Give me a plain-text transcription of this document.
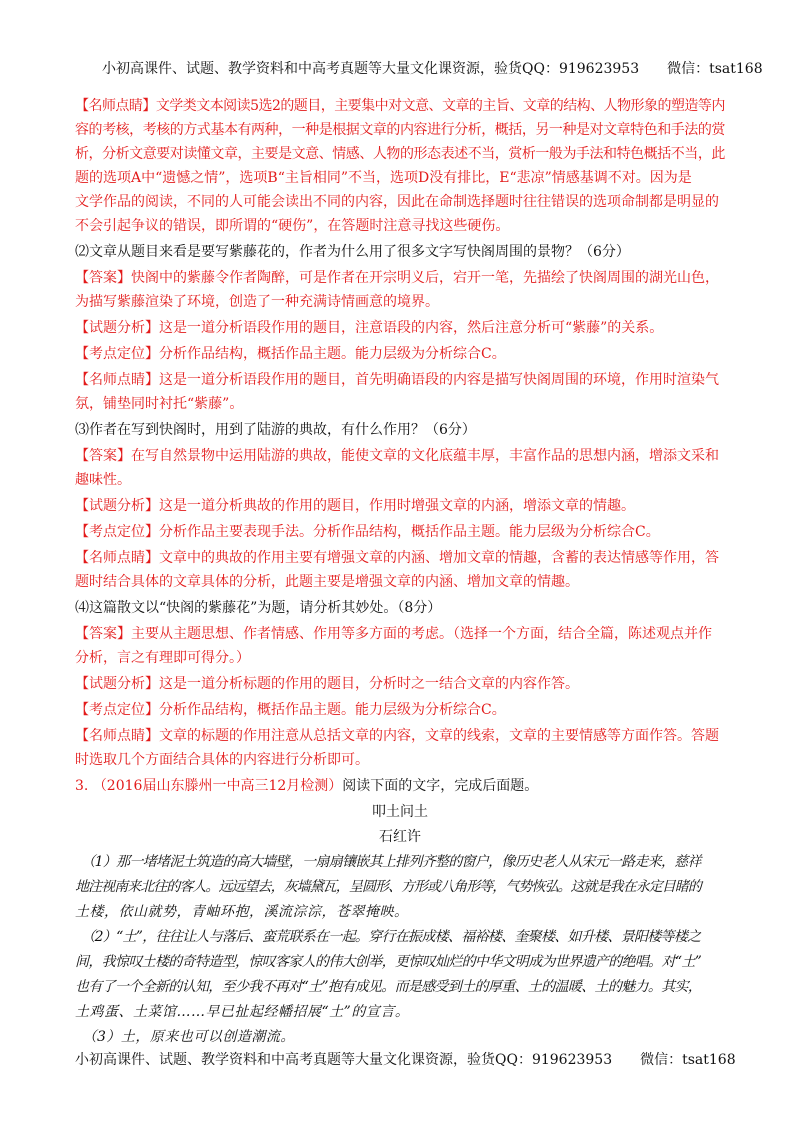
小初高课件、试题、教学资料和中高考真题等大量文化课资源，验货QQ：919623953　　微信：tsat168
【名师点睛】文学类文本阅读5选2的题目，主要集中对文意、文章的主旨、文章的结构、人物形象的塑造等内
容的考核，考核的方式基本有两种，一种是根据文章的内容进行分析，概括，另一种是对文章特色和手法的赏
析，分析文意要对读懂文章，主要是文意、情感、人物的形态表述不当，赏析一般为手法和特色概括不当，此
题的选项A中“遗憾之情”，选项B“主旨相同”不当，选项D没有排比，E“悲凉”情感基调不对。因为是
文学作品的阅读，不同的人可能会读出不同的内容，因此在命制选择题时往往错误的选项命制都是明显的
不会引起争议的错误，即所谓的“硬伤”，在答题时注意寻找这些硬伤。
⑵文章从题目来看是要写紫藤花的，作者为什么用了很多文字写快阁周围的景物？（6分）
【答案】快阁中的紫藤令作者陶醉，可是作者在开宗明义后，宕开一笔，先描绘了快阁周围的湖光山色，
为描写紫藤渲染了环境，创造了一种充满诗情画意的境界。
【试题分析】这是一道分析语段作用的题目，注意语段的内容，然后注意分析可“紫藤”的关系。
【考点定位】分析作品结构，概括作品主题。能力层级为分析综合C。
【名师点睛】这是一道分析语段作用的题目，首先明确语段的内容是描写快阁周围的环境，作用时渲染气
氛，铺垫同时衬托“紫藤”。
⑶作者在写到快阁时，用到了陆游的典故，有什么作用？（6分）
【答案】在写自然景物中运用陆游的典故，能使文章的文化底蕴丰厚，丰富作品的思想内涵，增添文采和
趣味性。
【试题分析】这是一道分析典故的作用的题目，作用时增强文章的内涵，增添文章的情趣。
【考点定位】分析作品主要表现手法。分析作品结构，概括作品主题。能力层级为分析综合C。
【名师点睛】文章中的典故的作用主要有增强文章的内涵、增加文章的情趣，含蓄的表达情感等作用，答
题时结合具体的文章具体的分析，此题主要是增强文章的内涵、增加文章的情趣。
⑷这篇散文以“快阁的紫藤花”为题，请分析其妙处。（8分）
【答案】主要从主题思想、作者情感、作用等多方面的考虑。（选择一个方面，结合全篇，陈述观点并作
分析，言之有理即可得分。）
【试题分析】这是一道分析标题的作用的题目，分析时之一结合文章的内容作答。
【考点定位】分析作品结构，概括作品主题。能力层级为分析综合C。
【名师点睛】文章的标题的作用注意从总括文章的内容，文章的线索，文章的主要情感等方面作答。答题
时选取几个方面结合具体的内容进行分析即可。
3. （2016届山东滕州一中高三12月检测）阅读下面的文字，完成后面题。
叩土问土
石红许
　（1）那一堵堵泥土筑造的高大墙壁，一扇扇镶嵌其上排列齐整的窗户，像历史老人从宋元一路走来，慈祥
地注视南来北往的客人。远远望去，灰墙黛瓦，呈圆形、方形或八角形等，气势恢弘。这就是我在永定目睹的
土楼，依山就势，青岫环抱，溪流淙淙，苍翠掩映。
　（2）“土”，往往让人与落后、蛮荒联系在一起。穿行在振成楼、福裕楼、奎聚楼、如升楼、景阳楼等楼之
间，我惊叹土楼的奇特造型，惊叹客家人的伟大创举，更惊叹灿烂的中华文明成为世界遗产的绝唱。对“土”
也有了一个全新的认知，至少我不再对“土”抱有成见。而是感受到土的厚重、土的温暖、土的魅力。其实，
土鸡蛋、土菜馆……早已扯起经幡招展“土”的宣言。
　（3）土，原来也可以创造潮流。
小初高课件、试题、教学资料和中高考真题等大量文化课资源，验货QQ：919623953　　微信：tsat168
